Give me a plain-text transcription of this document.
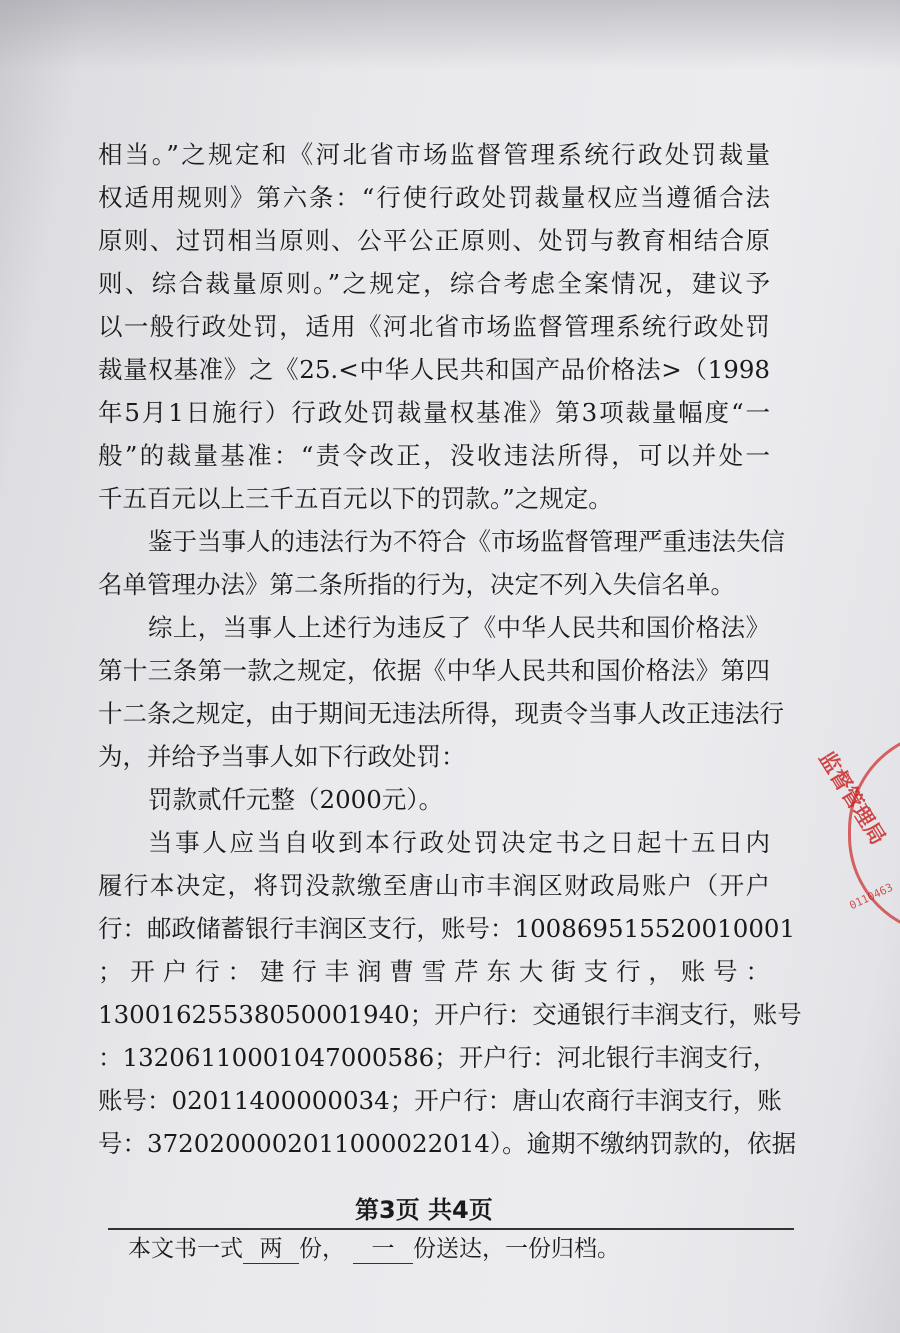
相当。”之规定和《河北省市场监督管理系统行政处罚裁量
权适用规则》第六条：“行使行政处罚裁量权应当遵循合法
原则、过罚相当原则、公平公正原则、处罚与教育相结合原
则、综合裁量原则。”之规定，综合考虑全案情况，建议予
以一般行政处罚，适用《河北省市场监督管理系统行政处罚
裁量权基准》之《25.<中华人民共和国产品价格法>（1998
年5月1日施行）行政处罚裁量权基准》第3项裁量幅度“一
般”的裁量基准：“责令改正，没收违法所得，可以并处一
千五百元以上三千五百元以下的罚款。”之规定。
鉴于当事人的违法行为不符合《市场监督管理严重违法失信
名单管理办法》第二条所指的行为，决定不列入失信名单。
综上，当事人上述行为违反了《中华人民共和国价格法》
第十三条第一款之规定，依据《中华人民共和国价格法》第四
十二条之规定，由于期间无违法所得，现责令当事人改正违法行
为，并给予当事人如下行政处罚：
罚款贰仟元整（2000元）。
当事人应当自收到本行政处罚决定书之日起十五日内
履行本决定，将罚没款缴至唐山市丰润区财政局账户（开户
行：邮政储蓄银行丰润区支行，账号：100869515520010001
；开户行：建行丰润曹雪芹东大街支行，账号：
13001625538050001940；开户行：交通银行丰润支行，账号
：13206110001047000586；开户行：河北银行丰润支行，
账号：02011400000034；开户行：唐山农商行丰润支行，账
号：37202000020110000220​14）。逾期不缴纳罚款的，依据
监督管理局
0110463
第3页 共4页
本文书一式 两 份， 一 份送达，一份归档。
